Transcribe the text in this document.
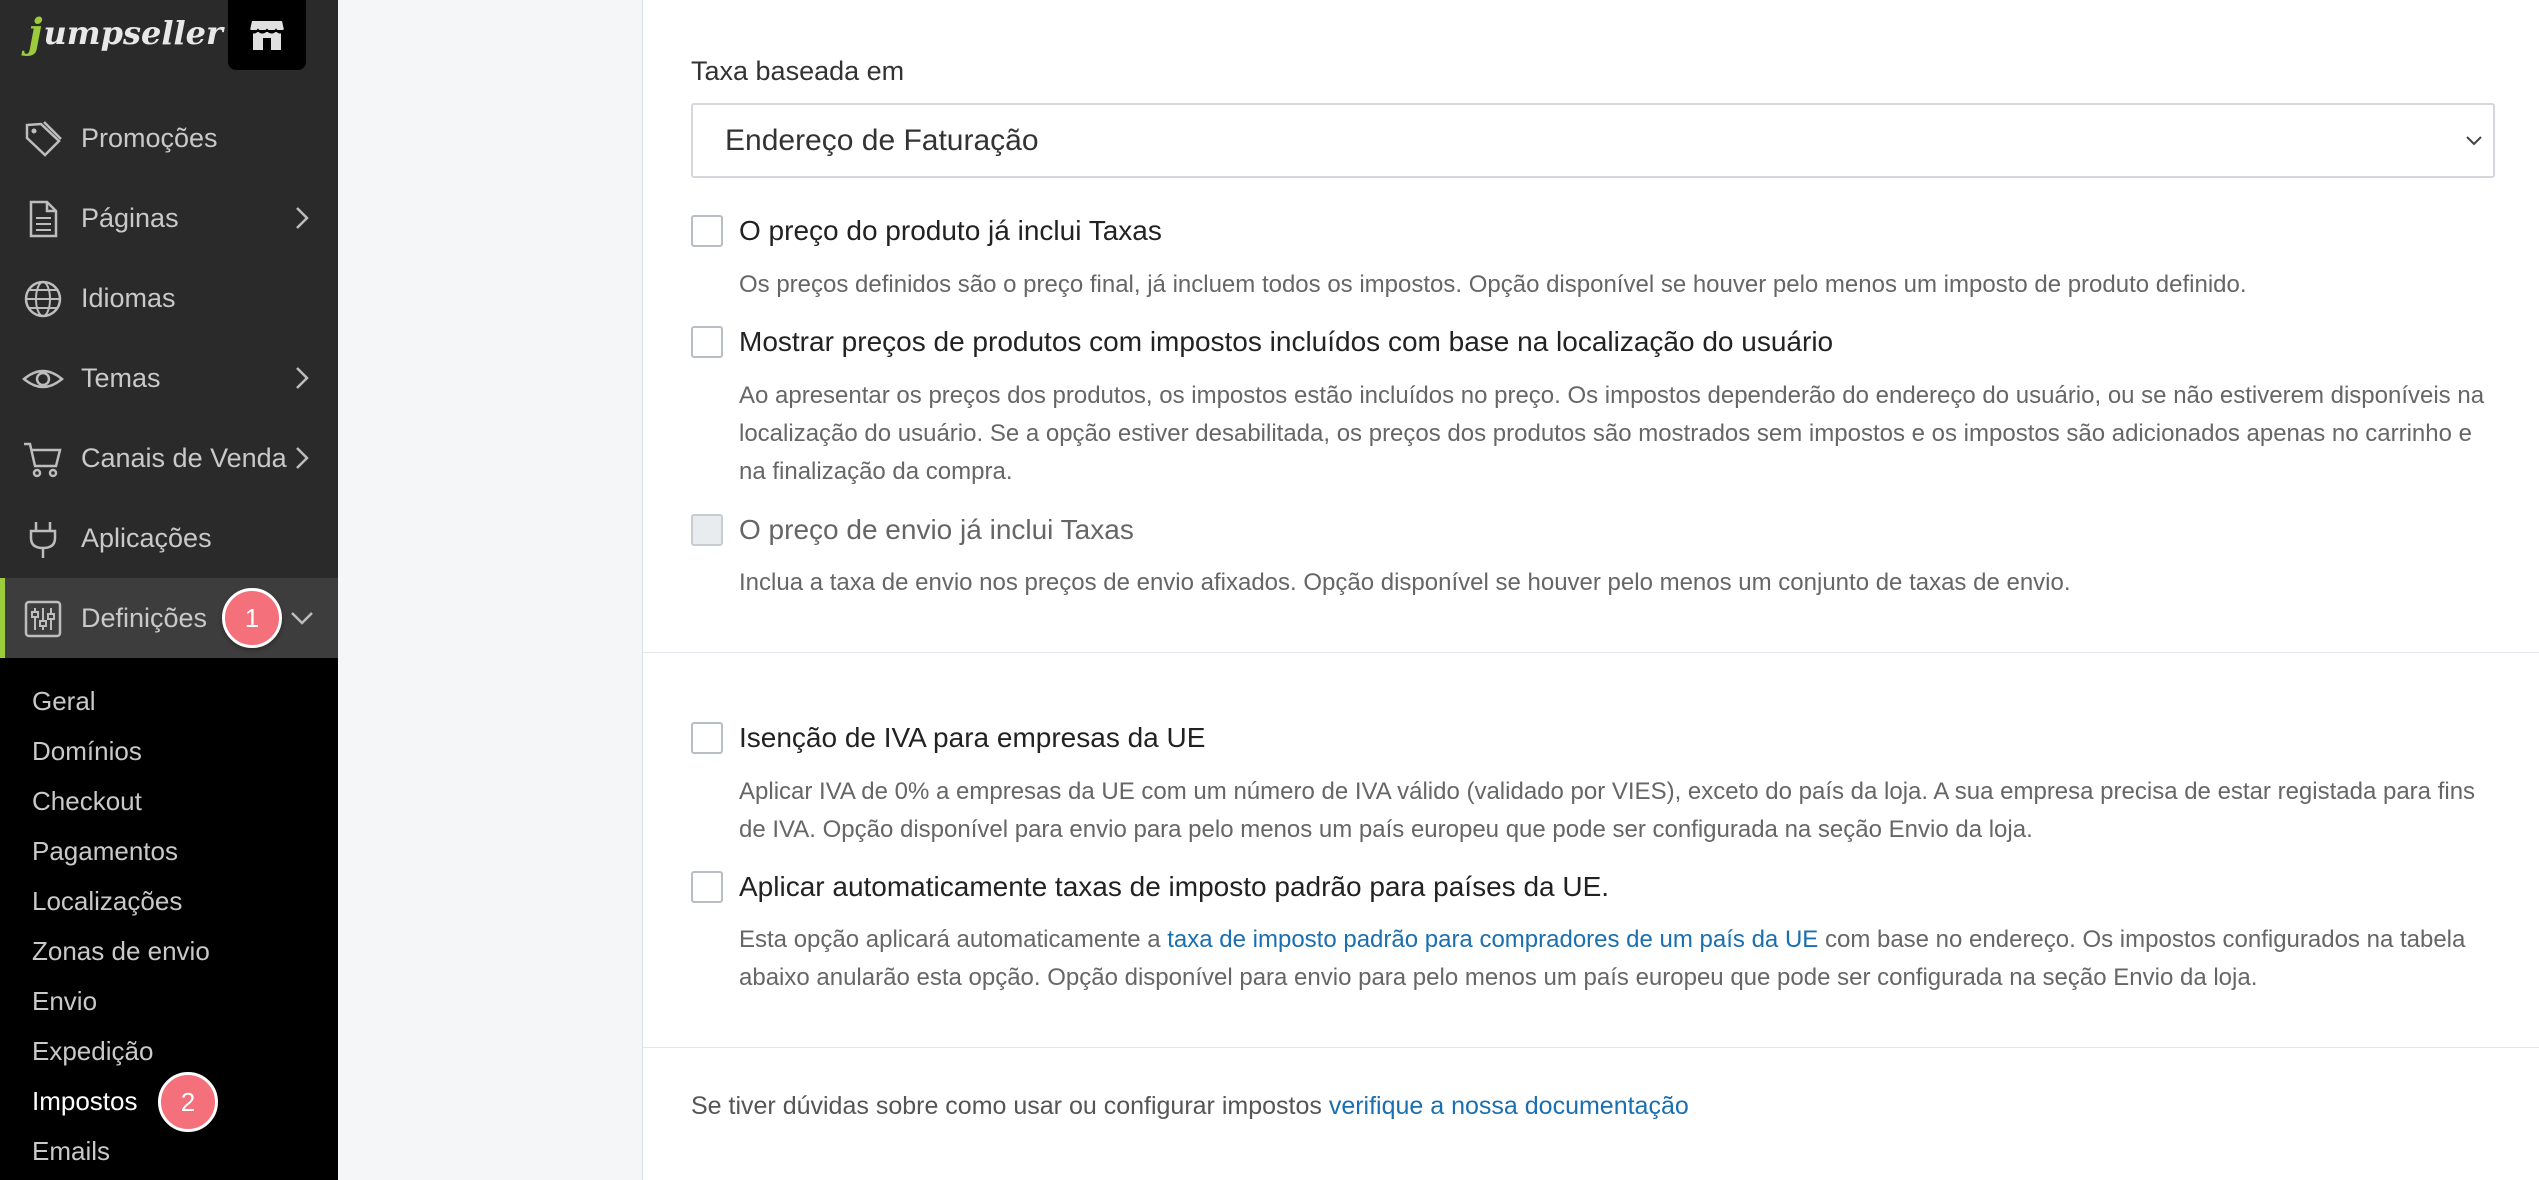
j umpseller
Promoções
Páginas
Idiomas
Temas
Canais de Venda
Aplicações
Definições
Geral
Domínios
Checkout
Pagamentos
Localizações
Zonas de envio
Envio
Expedição
Impostos
Emails
1
2
Taxa baseada em
Endereço de Faturação
O preço do produto já inclui Taxas
Os preços definidos são o preço final, já incluem todos os impostos. Opção disponível se houver pelo menos um imposto de produto definido.
Mostrar preços de produtos com impostos incluídos com base na localização do usuário
Ao apresentar os preços dos produtos, os impostos estão incluídos no preço. Os impostos dependerão do endereço do usuário, ou se não estiverem disponíveis na localização do usuário. Se a opção estiver desabilitada, os preços dos produtos são mostrados sem impostos e os impostos são adicionados apenas no carrinho e na finalização da compra.
O preço de envio já inclui Taxas
Inclua a taxa de envio nos preços de envio afixados. Opção disponível se houver pelo menos um conjunto de taxas de envio.
Isenção de IVA para empresas da UE
Aplicar IVA de 0% a empresas da UE com um número de IVA válido (validado por VIES), exceto do país da loja. A sua empresa precisa de estar registada para fins de IVA. Opção disponível para envio para pelo menos um país europeu que pode ser configurada na seção Envio da loja.
Aplicar automaticamente taxas de imposto padrão para países da UE.
Esta opção aplicará automaticamente a taxa de imposto padrão para compradores de um país da UE com base no endereço. Os impostos configurados na tabela abaixo anularão esta opção. Opção disponível para envio para pelo menos um país europeu que pode ser configurada na seção Envio da loja.
Se tiver dúvidas sobre como usar ou configurar impostos verifique a nossa documentação
